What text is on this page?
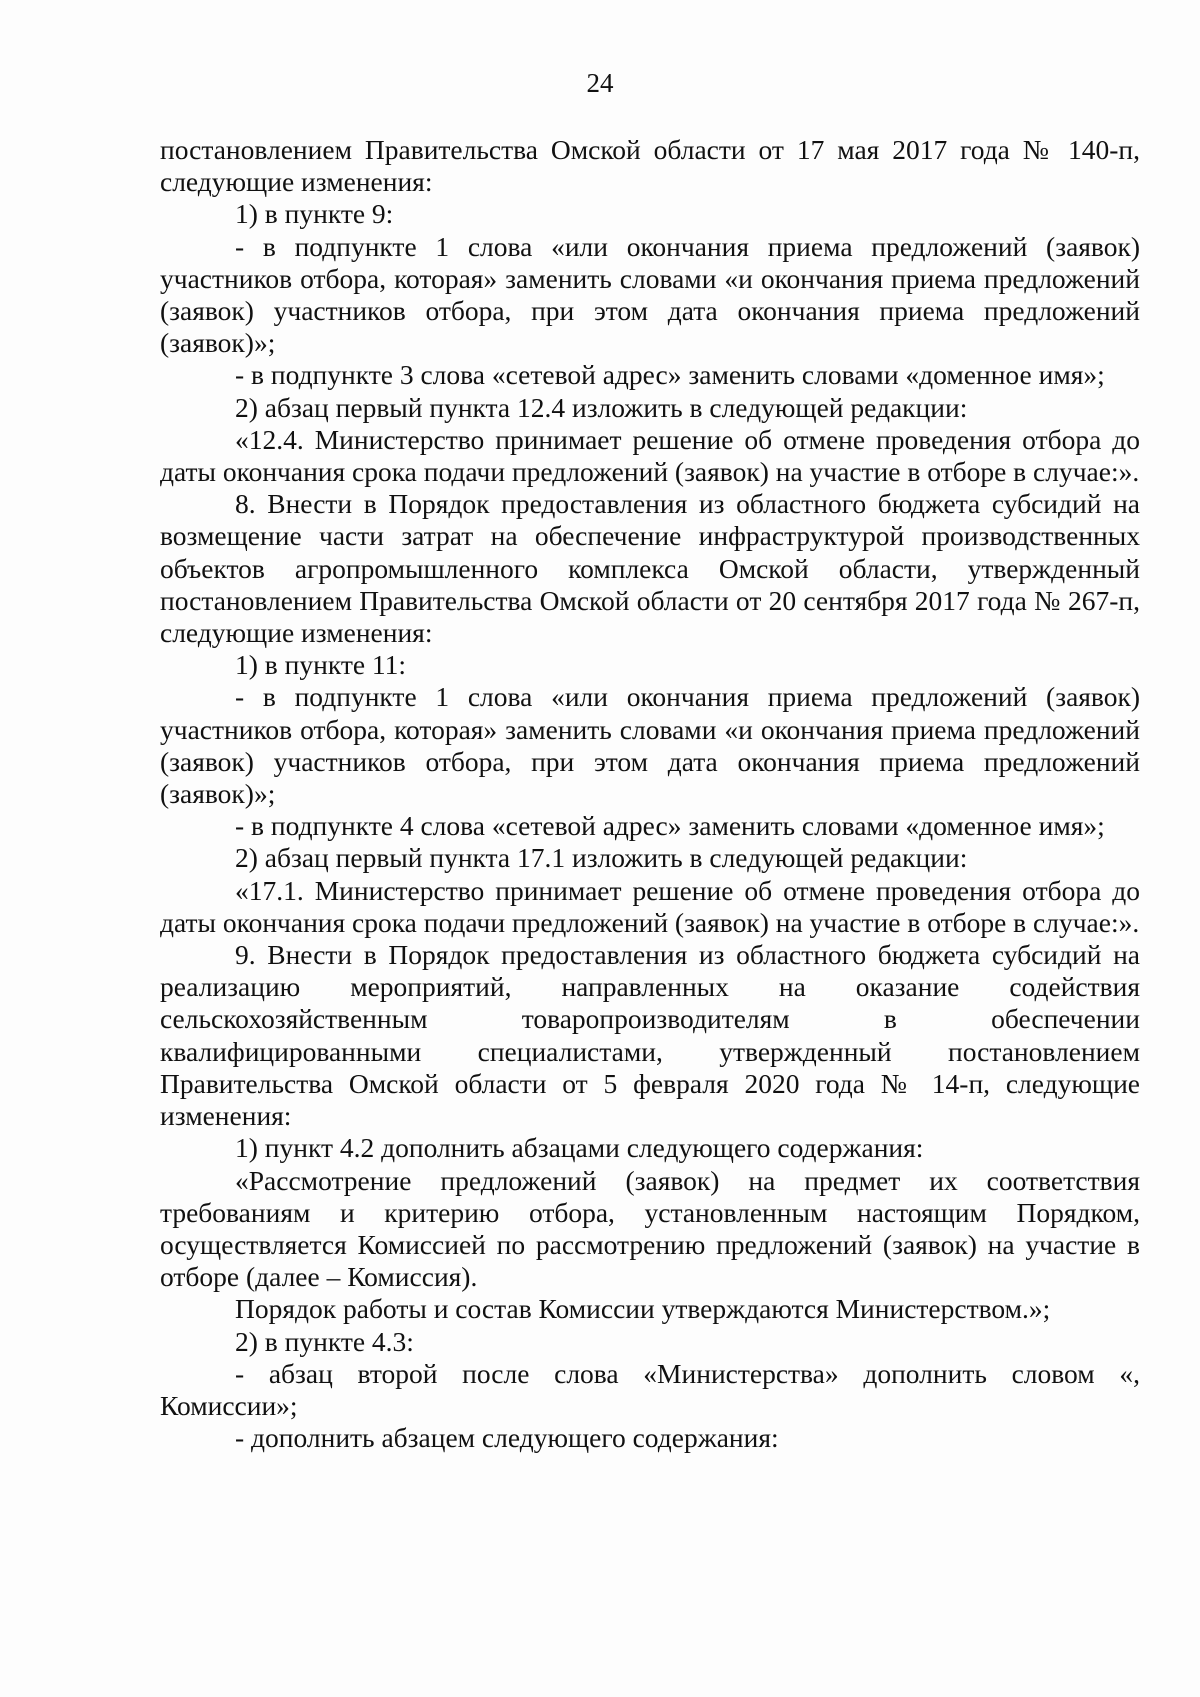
24

постановлением Правительства Омской области от 17 мая 2017 года № 140-п, следующие изменения:

1) в пункте 9:

- в подпункте 1 слова «или окончания приема предложений (заявок) участников отбора, которая» заменить словами «и окончания приема предложений (заявок) участников отбора, при этом дата окончания приема предложений (заявок)»;

- в подпункте 3 слова «сетевой адрес» заменить словами «доменное имя»;

2) абзац первый пункта 12.4 изложить в следующей редакции:

«12.4. Министерство принимает решение об отмене проведения отбора до даты окончания срока подачи предложений (заявок) на участие в отборе в случае:».

8. Внести в Порядок предоставления из областного бюджета субсидий на возмещение части затрат на обеспечение инфраструктурой производственных объектов агропромышленного комплекса Омской области, утвержденный постановлением Правительства Омской области от 20 сентября 2017 года № 267-п, следующие изменения:

1) в пункте 11:

- в подпункте 1 слова «или окончания приема предложений (заявок) участников отбора, которая» заменить словами «и окончания приема предложений (заявок) участников отбора, при этом дата окончания приема предложений (заявок)»;

- в подпункте 4 слова «сетевой адрес» заменить словами «доменное имя»;

2) абзац первый пункта 17.1 изложить в следующей редакции:

«17.1. Министерство принимает решение об отмене проведения отбора до даты окончания срока подачи предложений (заявок) на участие в отборе в случае:».

9. Внести в Порядок предоставления из областного бюджета субсидий на реализацию мероприятий, направленных на оказание содействия сельскохозяйственным товаропроизводителям в обеспечении квалифицированными специалистами, утвержденный постановлением Правительства Омской области от 5 февраля 2020 года № 14-п, следующие изменения:

1) пункт 4.2 дополнить абзацами следующего содержания:

«Рассмотрение предложений (заявок) на предмет их соответствия требованиям и критерию отбора, установленным настоящим Порядком, осуществляется Комиссией по рассмотрению предложений (заявок) на участие в отборе (далее – Комиссия).

Порядок работы и состав Комиссии утверждаются Министерством.»;

2) в пункте 4.3:

- абзац второй после слова «Министерства» дополнить словом «, Комиссии»;

- дополнить абзацем следующего содержания:
